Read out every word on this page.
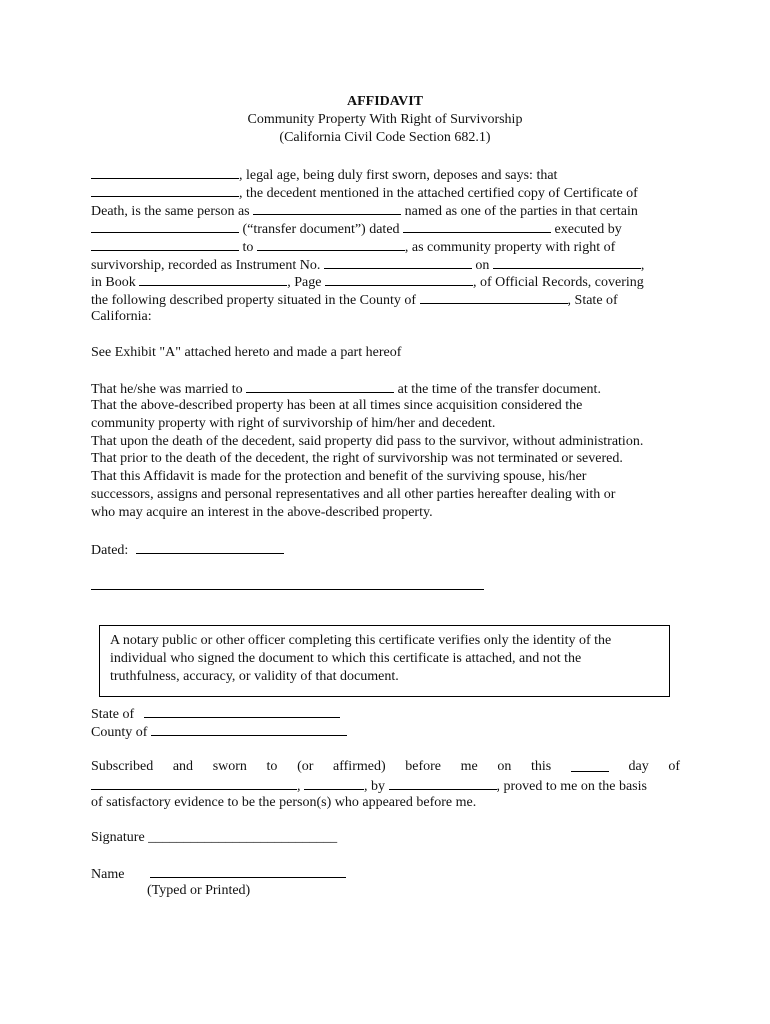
AFFIDAVIT
Community Property With Right of Survivorship
(California Civil Code Section 682.1)
, legal age, being duly first sworn, deposes and says: that
, the decedent mentioned in the attached certified copy of Certificate of
Death, is the same person as	named as one of the parties in that certain
(“transfer document”) dated	executed by
to	, as community property with right of
survivorship, recorded as Instrument No.	on	,
in Book	, Page	, of Official Records, covering
the following described property situated in the County of	, State of
California:
See Exhibit "A" attached hereto and made a part hereof
That he/she was married to	at the time of the transfer document.
That the above-described property has been at all times since acquisition considered the
community property with right of survivorship of him/her and decedent.
That upon the death of the decedent, said property did pass to the survivor, without administration.
That prior to the death of the decedent, the right of survivorship was not terminated or severed.
That this Affidavit is made for the protection and benefit of the surviving spouse, his/her
successors, assigns and personal representatives and all other parties hereafter dealing with or
who may acquire an interest in the above-described property.
Dated:
A notary public or other officer completing this certificate verifies only the identity of the
individual who signed the document to which this certificate is attached, and not the
truthfulness, accuracy, or validity of that document.
State of
County of
Subscribed and sworn to (or affirmed) before me on this	day of
,	, by	, proved to me on the basis
of satisfactory evidence to be the person(s) who appeared before me.
Signature ___________________________
Name
(Typed or Printed)
